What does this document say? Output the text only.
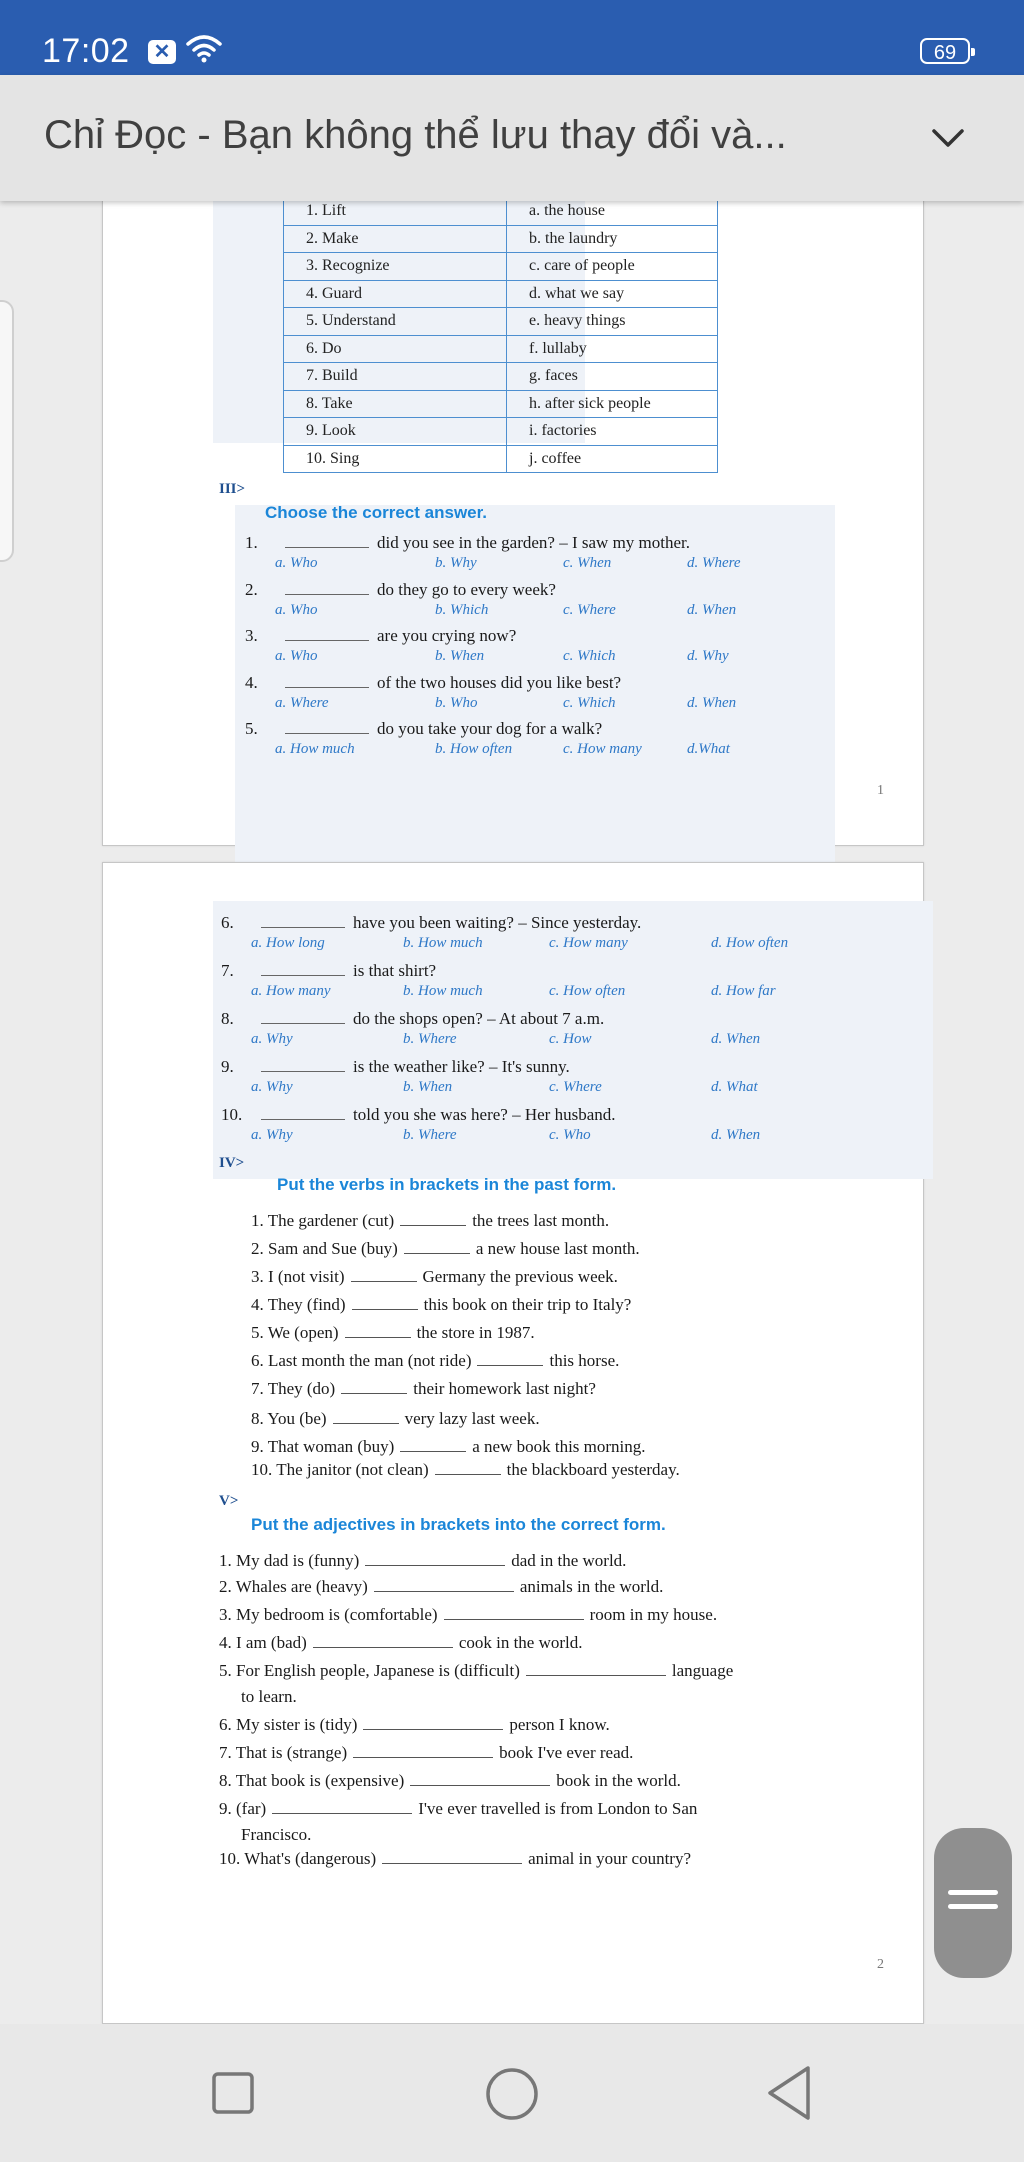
17:02 ✕	69
Chỉ Đọc - Bạn không thể lưu thay đổi và...
1. Lift	a. the house
2. Make	b. the laundry
3. Recognize	c. care of people
4. Guard	d. what we say
5. Understand	e. heavy things
6. Do	f. lullaby
7. Build	g. faces
8. Take	h. after sick people
9. Look	i. factories
10. Sing	j. coffee
III>
Choose the correct answer.
1.	did you see in the garden? – I saw my mother.
a. Who	b. Why	c. When	d. Where
2.	do they go to every week?
a. Who	b. Which	c. Where	d. When
3.	are you crying now?
a. Who	b. When	c. Which	d. Why
4.	of the two houses did you like best?
a. Where	b. Who	c. Which	d. When
5.	do you take your dog for a walk?
a. How much	b. How often	c. How many	d.What
1
6.	have you been waiting? – Since yesterday.
a. How long	b. How much	c. How many	d. How often
7.	is that shirt?
a. How many	b. How much	c. How often	d. How far
8.	do the shops open? – At about 7 a.m.
a. Why	b. Where	c. How	d. When
9.	is the weather like? – It's sunny.
a. Why	b. When	c. Where	d. What
10.	told you she was here? – Her husband.
a. Why	b. Where	c. Who	d. When
IV>
Put the verbs in brackets in the past form.
1. The gardener (cut)	the trees last month.
2. Sam and Sue (buy)	a new house last month.
3. I (not visit)	Germany the previous week.
4. They (find)	this book on their trip to Italy?
5. We (open)	the store in 1987.
6. Last month the man (not ride)	this horse.
7. They (do)	their homework last night?
8. You (be)	very lazy last week.
9. That woman (buy)	a new book this morning.
10. The janitor (not clean)	the blackboard yesterday.
V>
Put the adjectives in brackets into the correct form.
1. My dad is (funny)	dad in the world.
2. Whales are (heavy)	animals in the world.
3. My bedroom is (comfortable)	room in my house.
4. I am (bad)	cook in the world.
5. For English people, Japanese is (difficult)	language
to learn.
6. My sister is (tidy)	person I know.
7. That is (strange)	book I've ever read.
8. That book is (expensive)	book in the world.
9. (far)	I've ever travelled is from London to San
Francisco.
10. What's (dangerous)	animal in your country?
2
